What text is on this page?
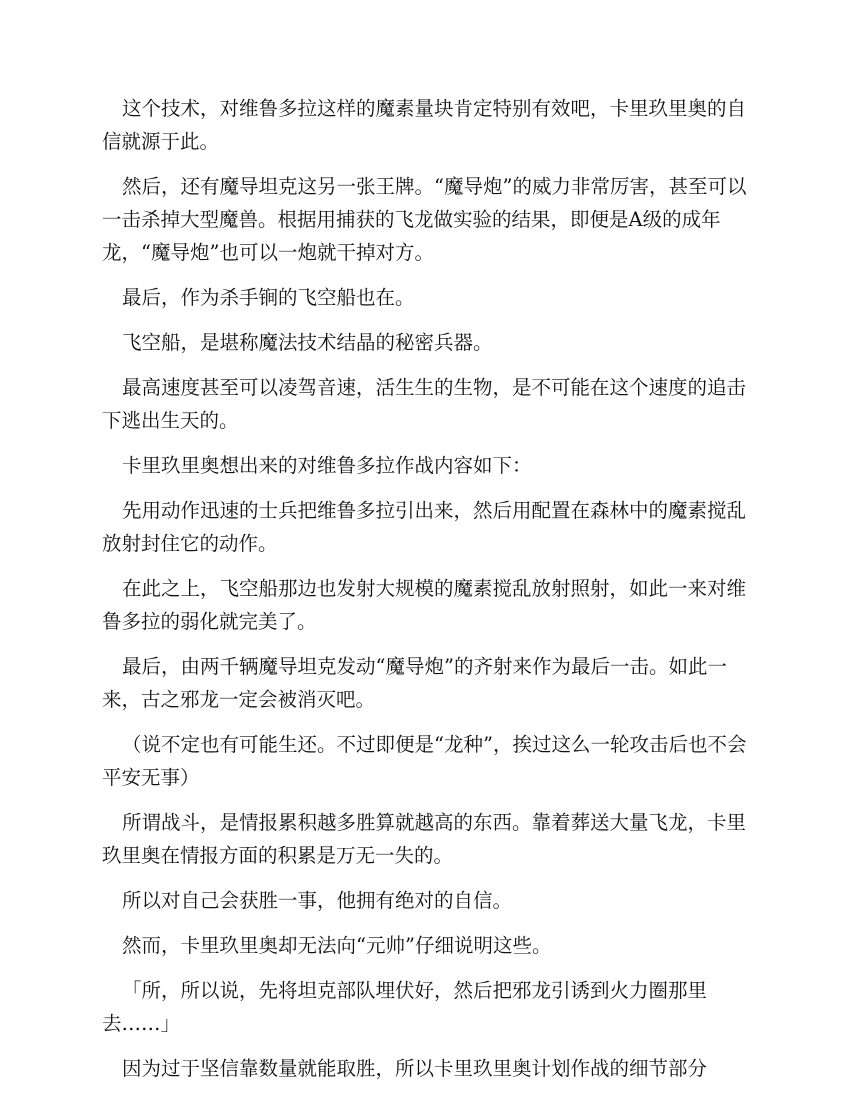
这个技术，对维鲁多拉这样的魔素量块肯定特别有效吧，卡里玖里奥的自信就源于此。

然后，还有魔导坦克这另一张王牌。“魔导炮”的威力非常厉害，甚至可以一击杀掉大型魔兽。根据用捕获的飞龙做实验的结果，即便是A级的成年龙，“魔导炮”也可以一炮就干掉对方。

最后，作为杀手锏的飞空船也在。

飞空船，是堪称魔法技术结晶的秘密兵器。

最高速度甚至可以凌驾音速，活生生的生物，是不可能在这个速度的追击下逃出生天的。

卡里玖里奥想出来的对维鲁多拉作战内容如下：

先用动作迅速的士兵把维鲁多拉引出来，然后用配置在森林中的魔素搅乱放射封住它的动作。

在此之上，飞空船那边也发射大规模的魔素搅乱放射照射，如此一来对维鲁多拉的弱化就完美了。

最后，由两千辆魔导坦克发动“魔导炮”的齐射来作为最后一击。如此一来，古之邪龙一定会被消灭吧。

（说不定也有可能生还。不过即便是“龙种”，挨过这么一轮攻击后也不会平安无事）

所谓战斗，是情报累积越多胜算就越高的东西。靠着葬送大量飞龙，卡里玖里奥在情报方面的积累是万无一失的。

所以对自己会获胜一事，他拥有绝对的自信。

然而，卡里玖里奥却无法向“元帅”仔细说明这些。

「所，所以说，先将坦克部队埋伏好，然后把邪龙引诱到火力圈那里去……」

因为过于坚信靠数量就能取胜，所以卡里玖里奥计划作战的细节部分
